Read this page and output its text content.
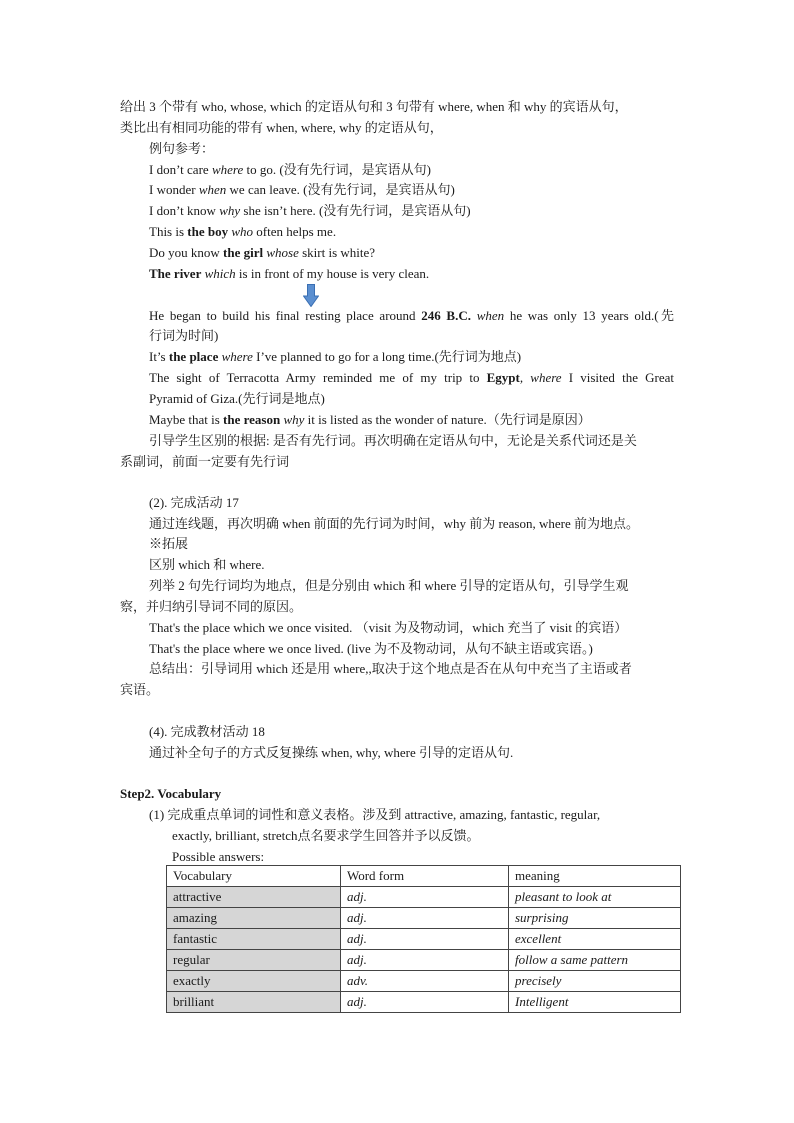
给出 3 个带有 who, whose, which 的定语从句和 3 句带有 where, when 和 why 的宾语从句，
类比出有相同功能的带有 when, where, why 的定语从句，
例句参考：
I don’t care where to go. (没有先行词，是宾语从句)
I wonder when we can leave. (没有先行词，是宾语从句)
I don’t know why she isn’t here. (没有先行词，是宾语从句)
This is the boy who often helps me.
Do you know the girl whose skirt is white?
The river which is in front of my house is very clean.
He began to build his final resting place around 246 B.C. when he was only 13 years old.(先
行词为时间)
It’s the place where I’ve planned to go for a long time.(先行词为地点)
The sight of Terracotta Army reminded me of my trip to Egypt, where I visited the Great
Pyramid of Giza.(先行词是地点)
Maybe that is the reason why it is listed as the wonder of nature.（先行词是原因）
引导学生区别的根据: 是否有先行词。再次明确在定语从句中，无论是关系代词还是关
系副词，前面一定要有先行词
(2). 完成活动 17
通过连线题，再次明确 when 前面的先行词为时间，why 前为 reason, where 前为地点。
※拓展
区别 which 和 where.
列举 2 句先行词均为地点，但是分别由 which 和 where 引导的定语从句，引导学生观
察，并归纳引导词不同的原因。
That's the place which we once visited. （visit 为及物动词，which 充当了 visit 的宾语）
That's the place where we once lived. (live 为不及物动词，从句不缺主语或宾语。)
总结出：引导词用 which 还是用 where,,取决于这个地点是否在从句中充当了主语或者
宾语。
(4). 完成教材活动 18
通过补全句子的方式反复操练 when, why, where 引导的定语从句.
Step2. Vocabulary
(1) 完成重点单词的词性和意义表格。涉及到 attractive, amazing, fantastic, regular,
exactly, brilliant, stretch点名要求学生回答并予以反馈。
Possible answers:
Vocabulary	Word form	meaning
attractive	adj.	pleasant to look at
amazing	adj.	surprising
fantastic	adj.	excellent
regular	adj.	follow a same pattern
exactly	adv.	precisely
brilliant	adj.	Intelligent
